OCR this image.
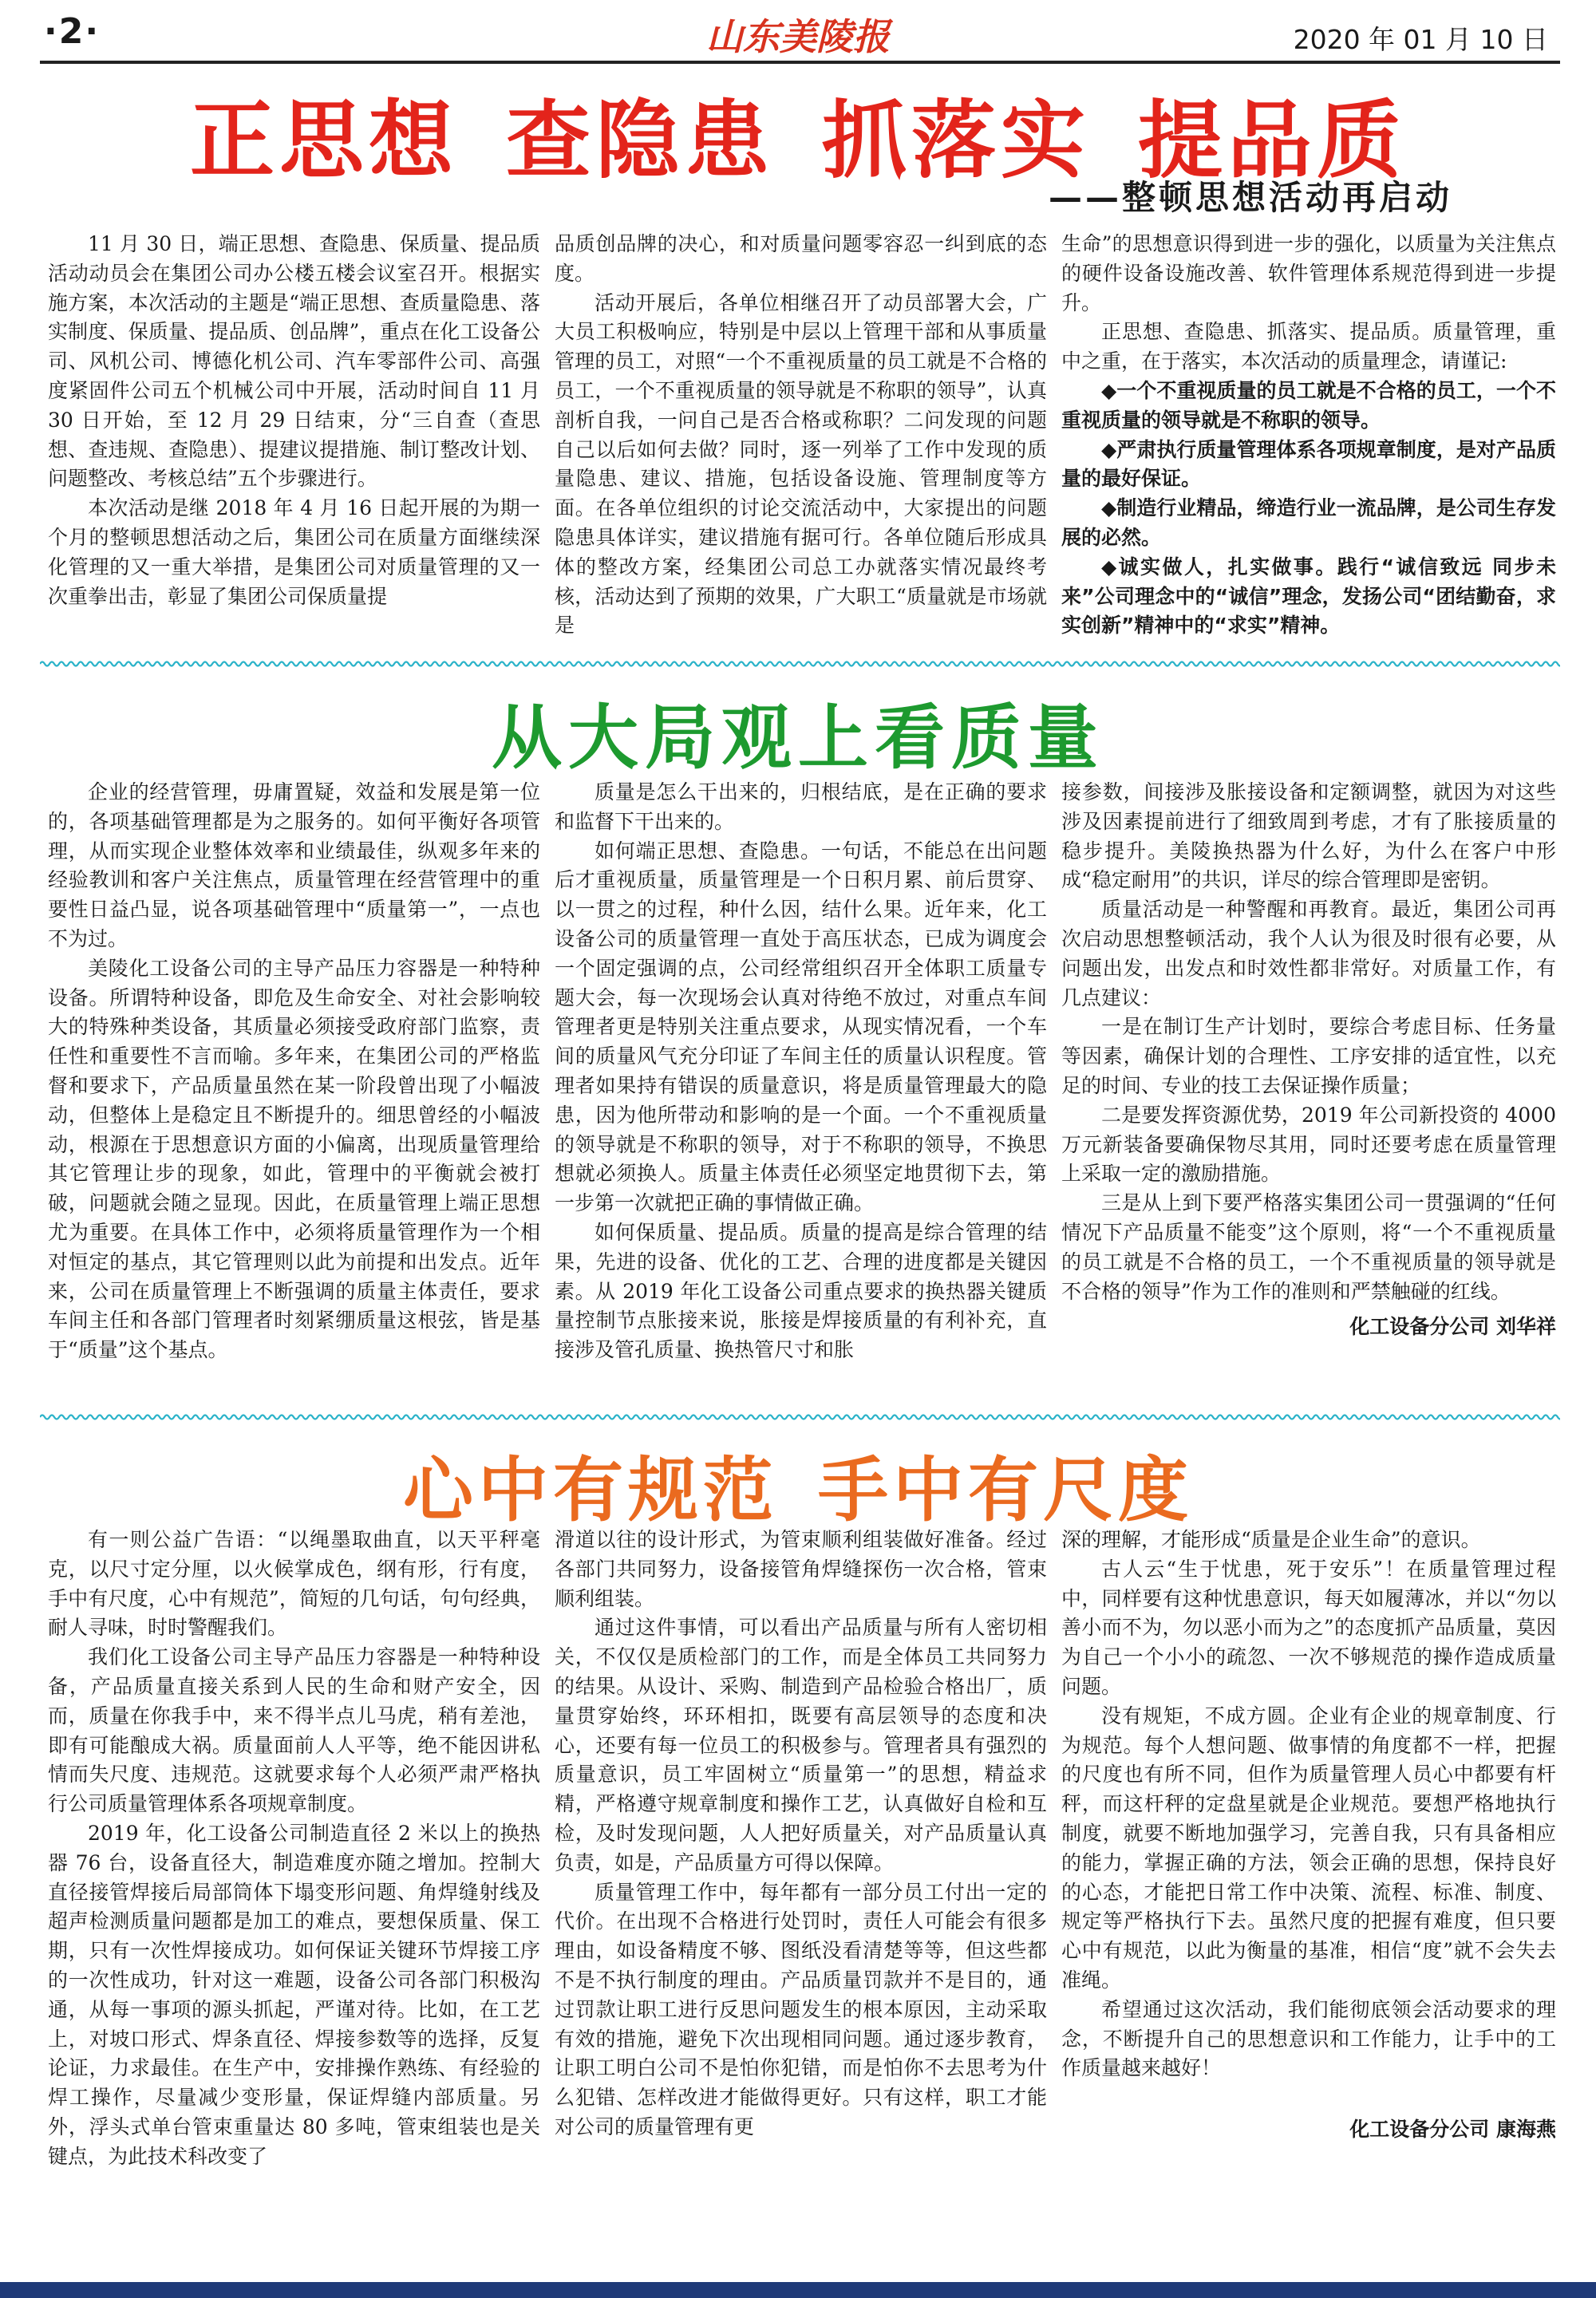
·2·	山东美陵报	2020 年 01 月 10 日
正思想 查隐患 抓落实 提品质
——整顿思想活动再启动

11 月 30 日，端正思想、查隐患、保质量、提品质活动动员会在集团公司办公楼五楼会议室召开。根据实施方案，本次活动的主题是“端正思想、查质量隐患、落实制度、保质量、提品质、创品牌”，重点在化工设备公司、风机公司、博德化机公司、汽车零部件公司、高强度紧固件公司五个机械公司中开展，活动时间自 11 月 30 日开始，至 12 月 29 日结束，分“三自查（查思想、查违规、查隐患）、提建议提措施、制订整改计划、问题整改、考核总结”五个步骤进行。

本次活动是继 2018 年 4 月 16 日起开展的为期一个月的整顿思想活动之后，集团公司在质量方面继续深化管理的又一重大举措，是集团公司对质量管理的又一次重拳出击，彰显了集团公司保质量提

品质创品牌的决心，和对质量问题零容忍一纠到底的态度。

活动开展后，各单位相继召开了动员部署大会，广大员工积极响应，特别是中层以上管理干部和从事质量管理的员工，对照“一个不重视质量的员工就是不合格的员工，一个不重视质量的领导就是不称职的领导”，认真剖析自我，一问自己是否合格或称职？二问发现的问题自己以后如何去做？同时，逐一列举了工作中发现的质量隐患、建议、措施，包括设备设施、管理制度等方面。在各单位组织的讨论交流活动中，大家提出的问题隐患具体详实，建议措施有据可行。各单位随后形成具体的整改方案，经集团公司总工办就落实情况最终考核，活动达到了预期的效果，广大职工“质量就是市场就是

生命”的思想意识得到进一步的强化，以质量为关注焦点的硬件设备设施改善、软件管理体系规范得到进一步提升。

正思想、查隐患、抓落实、提品质。质量管理，重中之重，在于落实，本次活动的质量理念，请谨记:

◆一个不重视质量的员工就是不合格的员工，一个不重视质量的领导就是不称职的领导。

◆严肃执行质量管理体系各项规章制度，是对产品质量的最好保证。

◆制造行业精品，缔造行业一流品牌，是公司生存发展的必然。

◆诚实做人，扎实做事。践行“诚信致远 同步未来”公司理念中的“诚信”理念，发扬公司“团结勤奋，求实创新”精神中的“求实”精神。

从大局观上看质量

企业的经营管理，毋庸置疑，效益和发展是第一位的，各项基础管理都是为之服务的。如何平衡好各项管理，从而实现企业整体效率和业绩最佳，纵观多年来的经验教训和客户关注焦点，质量管理在经营管理中的重要性日益凸显，说各项基础管理中“质量第一”，一点也不为过。

美陵化工设备公司的主导产品压力容器是一种特种设备。所谓特种设备，即危及生命安全、对社会影响较大的特殊种类设备，其质量必须接受政府部门监察，责任性和重要性不言而喻。多年来，在集团公司的严格监督和要求下，产品质量虽然在某一阶段曾出现了小幅波动，但整体上是稳定且不断提升的。细思曾经的小幅波动，根源在于思想意识方面的小偏离，出现质量管理给其它管理让步的现象，如此，管理中的平衡就会被打破，问题就会随之显现。因此，在质量管理上端正思想尤为重要。在具体工作中，必须将质量管理作为一个相对恒定的基点，其它管理则以此为前提和出发点。近年来，公司在质量管理上不断强调的质量主体责任，要求车间主任和各部门管理者时刻紧绷质量这根弦，皆是基于“质量”这个基点。

质量是怎么干出来的，归根结底，是在正确的要求和监督下干出来的。

如何端正思想、查隐患。一句话，不能总在出问题后才重视质量，质量管理是一个日积月累、前后贯穿、以一贯之的过程，种什么因，结什么果。近年来，化工设备公司的质量管理一直处于高压状态，已成为调度会一个固定强调的点，公司经常组织召开全体职工质量专题大会，每一次现场会认真对待绝不放过，对重点车间管理者更是特别关注重点要求，从现实情况看，一个车间的质量风气充分印证了车间主任的质量认识程度。管理者如果持有错误的质量意识，将是质量管理最大的隐患，因为他所带动和影响的是一个面。一个不重视质量的领导就是不称职的领导，对于不称职的领导，不换思想就必须换人。质量主体责任必须坚定地贯彻下去，第一步第一次就把正确的事情做正确。

如何保质量、提品质。质量的提高是综合管理的结果，先进的设备、优化的工艺、合理的进度都是关键因素。从 2019 年化工设备公司重点要求的换热器关键质量控制节点胀接来说，胀接是焊接质量的有利补充，直接涉及管孔质量、换热管尺寸和胀

接参数，间接涉及胀接设备和定额调整，就因为对这些涉及因素提前进行了细致周到考虑，才有了胀接质量的稳步提升。美陵换热器为什么好，为什么在客户中形成“稳定耐用”的共识，详尽的综合管理即是密钥。

质量活动是一种警醒和再教育。最近，集团公司再次启动思想整顿活动，我个人认为很及时很有必要，从问题出发，出发点和时效性都非常好。对质量工作，有几点建议：

一是在制订生产计划时，要综合考虑目标、任务量等因素，确保计划的合理性、工序安排的适宜性，以充足的时间、专业的技工去保证操作质量；

二是要发挥资源优势，2019 年公司新投资的 4000 万元新装备要确保物尽其用，同时还要考虑在质量管理上采取一定的激励措施。

三是从上到下要严格落实集团公司一贯强调的“任何情况下产品质量不能变”这个原则，将“一个不重视质量的员工就是不合格的员工，一个不重视质量的领导就是不合格的领导”作为工作的准则和严禁触碰的红线。

化工设备分公司 刘华祥

心中有规范 手中有尺度

有一则公益广告语：“以绳墨取曲直，以天平秤毫克，以尺寸定分厘，以火候掌成色，纲有形，行有度，手中有尺度，心中有规范”，简短的几句话，句句经典，耐人寻味，时时警醒我们。

我们化工设备公司主导产品压力容器是一种特种设备，产品质量直接关系到人民的生命和财产安全，因而，质量在你我手中，来不得半点儿马虎，稍有差池，即有可能酿成大祸。质量面前人人平等，绝不能因讲私情而失尺度、违规范。这就要求每个人必须严肃严格执行公司质量管理体系各项规章制度。

2019 年，化工设备公司制造直径 2 米以上的换热器 76 台，设备直径大，制造难度亦随之增加。控制大直径接管焊接后局部筒体下塌变形问题、角焊缝射线及超声检测质量问题都是加工的难点，要想保质量、保工期，只有一次性焊接成功。如何保证关键环节焊接工序的一次性成功，针对这一难题，设备公司各部门积极沟通，从每一事项的源头抓起，严谨对待。比如，在工艺上，对坡口形式、焊条直径、焊接参数等的选择，反复论证，力求最佳。在生产中，安排操作熟练、有经验的焊工操作，尽量减少变形量，保证焊缝内部质量。另外，浮头式单台管束重量达 80 多吨，管束组装也是关键点，为此技术科改变了

滑道以往的设计形式，为管束顺利组装做好准备。经过各部门共同努力，设备接管角焊缝探伤一次合格，管束顺利组装。

通过这件事情，可以看出产品质量与所有人密切相关，不仅仅是质检部门的工作，而是全体员工共同努力的结果。从设计、采购、制造到产品检验合格出厂，质量贯穿始终，环环相扣，既要有高层领导的态度和决心，还要有每一位员工的积极参与。管理者具有强烈的质量意识，员工牢固树立“质量第一”的思想，精益求精，严格遵守规章制度和操作工艺，认真做好自检和互检，及时发现问题，人人把好质量关，对产品质量认真负责，如是，产品质量方可得以保障。

质量管理工作中，每年都有一部分员工付出一定的代价。在出现不合格进行处罚时，责任人可能会有很多理由，如设备精度不够、图纸没看清楚等等，但这些都不是不执行制度的理由。产品质量罚款并不是目的，通过罚款让职工进行反思问题发生的根本原因，主动采取有效的措施，避免下次出现相同问题。通过逐步教育，让职工明白公司不是怕你犯错，而是怕你不去思考为什么犯错、怎样改进才能做得更好。只有这样，职工才能对公司的质量管理有更

深的理解，才能形成“质量是企业生命”的意识。

古人云“生于忧患，死于安乐”！在质量管理过程中，同样要有这种忧患意识，每天如履薄冰，并以“勿以善小而不为，勿以恶小而为之”的态度抓产品质量，莫因为自己一个小小的疏忽、一次不够规范的操作造成质量问题。

没有规矩，不成方圆。企业有企业的规章制度、行为规范。每个人想问题、做事情的角度都不一样，把握的尺度也有所不同，但作为质量管理人员心中都要有杆秤，而这杆秤的定盘星就是企业规范。要想严格地执行制度，就要不断地加强学习，完善自我，只有具备相应的能力，掌握正确的方法，领会正确的思想，保持良好的心态，才能把日常工作中决策、流程、标准、制度、规定等严格执行下去。虽然尺度的把握有难度，但只要心中有规范，以此为衡量的基准，相信“度”就不会失去准绳。

希望通过这次活动，我们能彻底领会活动要求的理念，不断提升自己的思想意识和工作能力，让手中的工作质量越来越好！

化工设备分公司 康海燕
